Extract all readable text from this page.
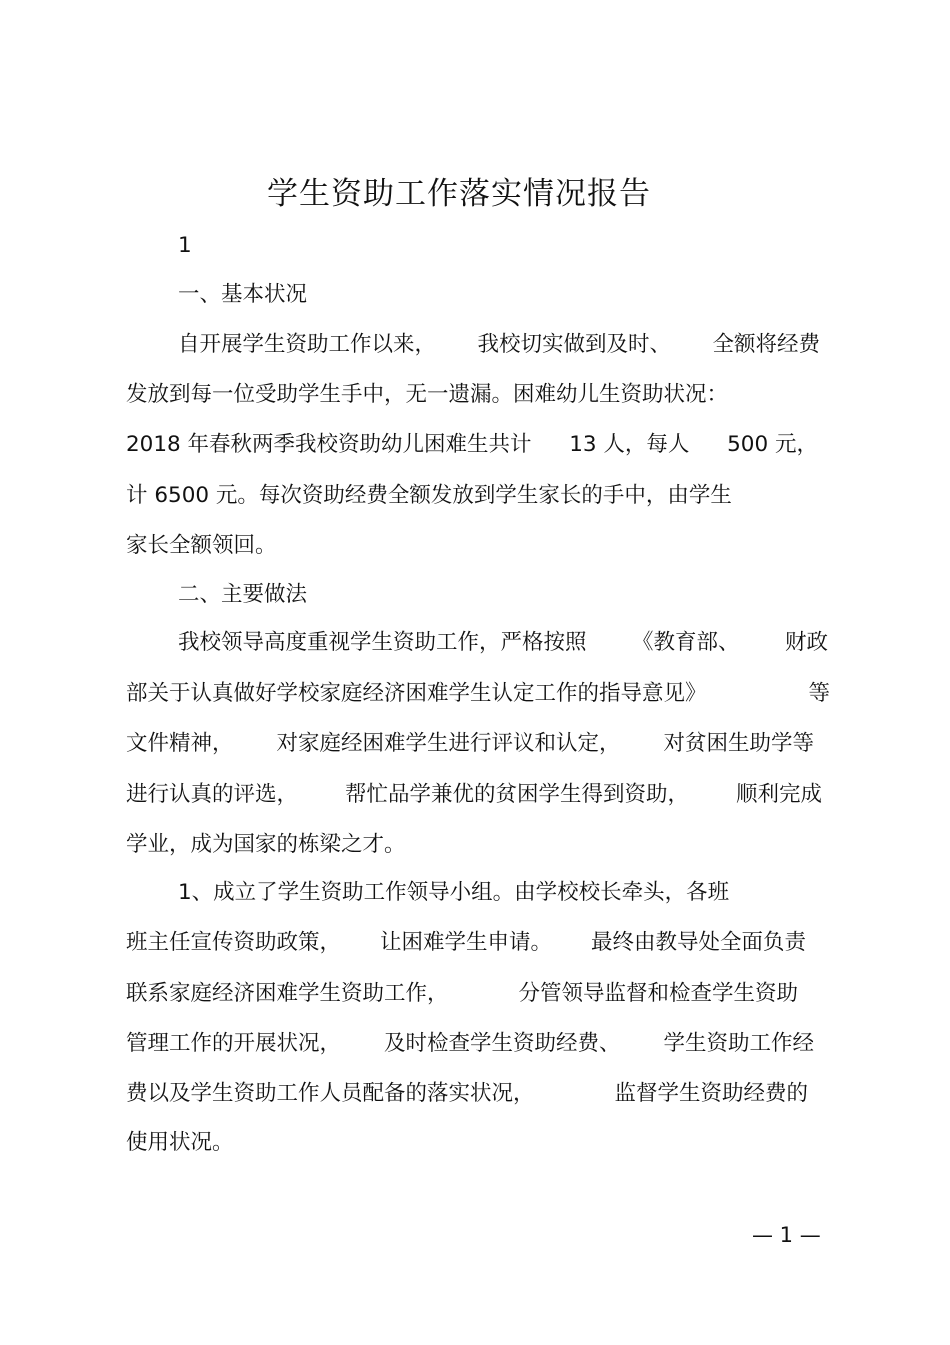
学生资助工作落实情况报告
1
一、基本状况
自开展学生资助工作以来， 我校切实做到及时、 全额将经费
发放到每一位受助学生手中，无一遗漏。困难幼儿生资助状况：
2018 年春秋两季我校资助幼儿困难生共计 13 人，每人 500 元，
计 6500 元。每次资助经费全额发放到学生家长的手中，由学生
家长全额领回。
二、主要做法
我校领导高度重视学生资助工作，严格按照 《教育部、 财政
部关于认真做好学校家庭经济困难学生认定工作的指导意见》	等
文件精神， 对家庭经困难学生进行评议和认定， 对贫困生助学等
进行认真的评选， 帮忙品学兼优的贫困学生得到资助， 顺利完成
学业，成为国家的栋梁之才。
1、成立了学生资助工作领导小组。由学校校长牵头，各班
班主任宣传资助政策， 让困难学生申请。 最终由教导处全面负责
联系家庭经济困难学生资助工作，	分管领导监督和检查学生资助
管理工作的开展状况， 及时检查学生资助经费、 学生资助工作经
费以及学生资助工作人员配备的落实状况，	监督学生资助经费的
使用状况。
— 1 —
